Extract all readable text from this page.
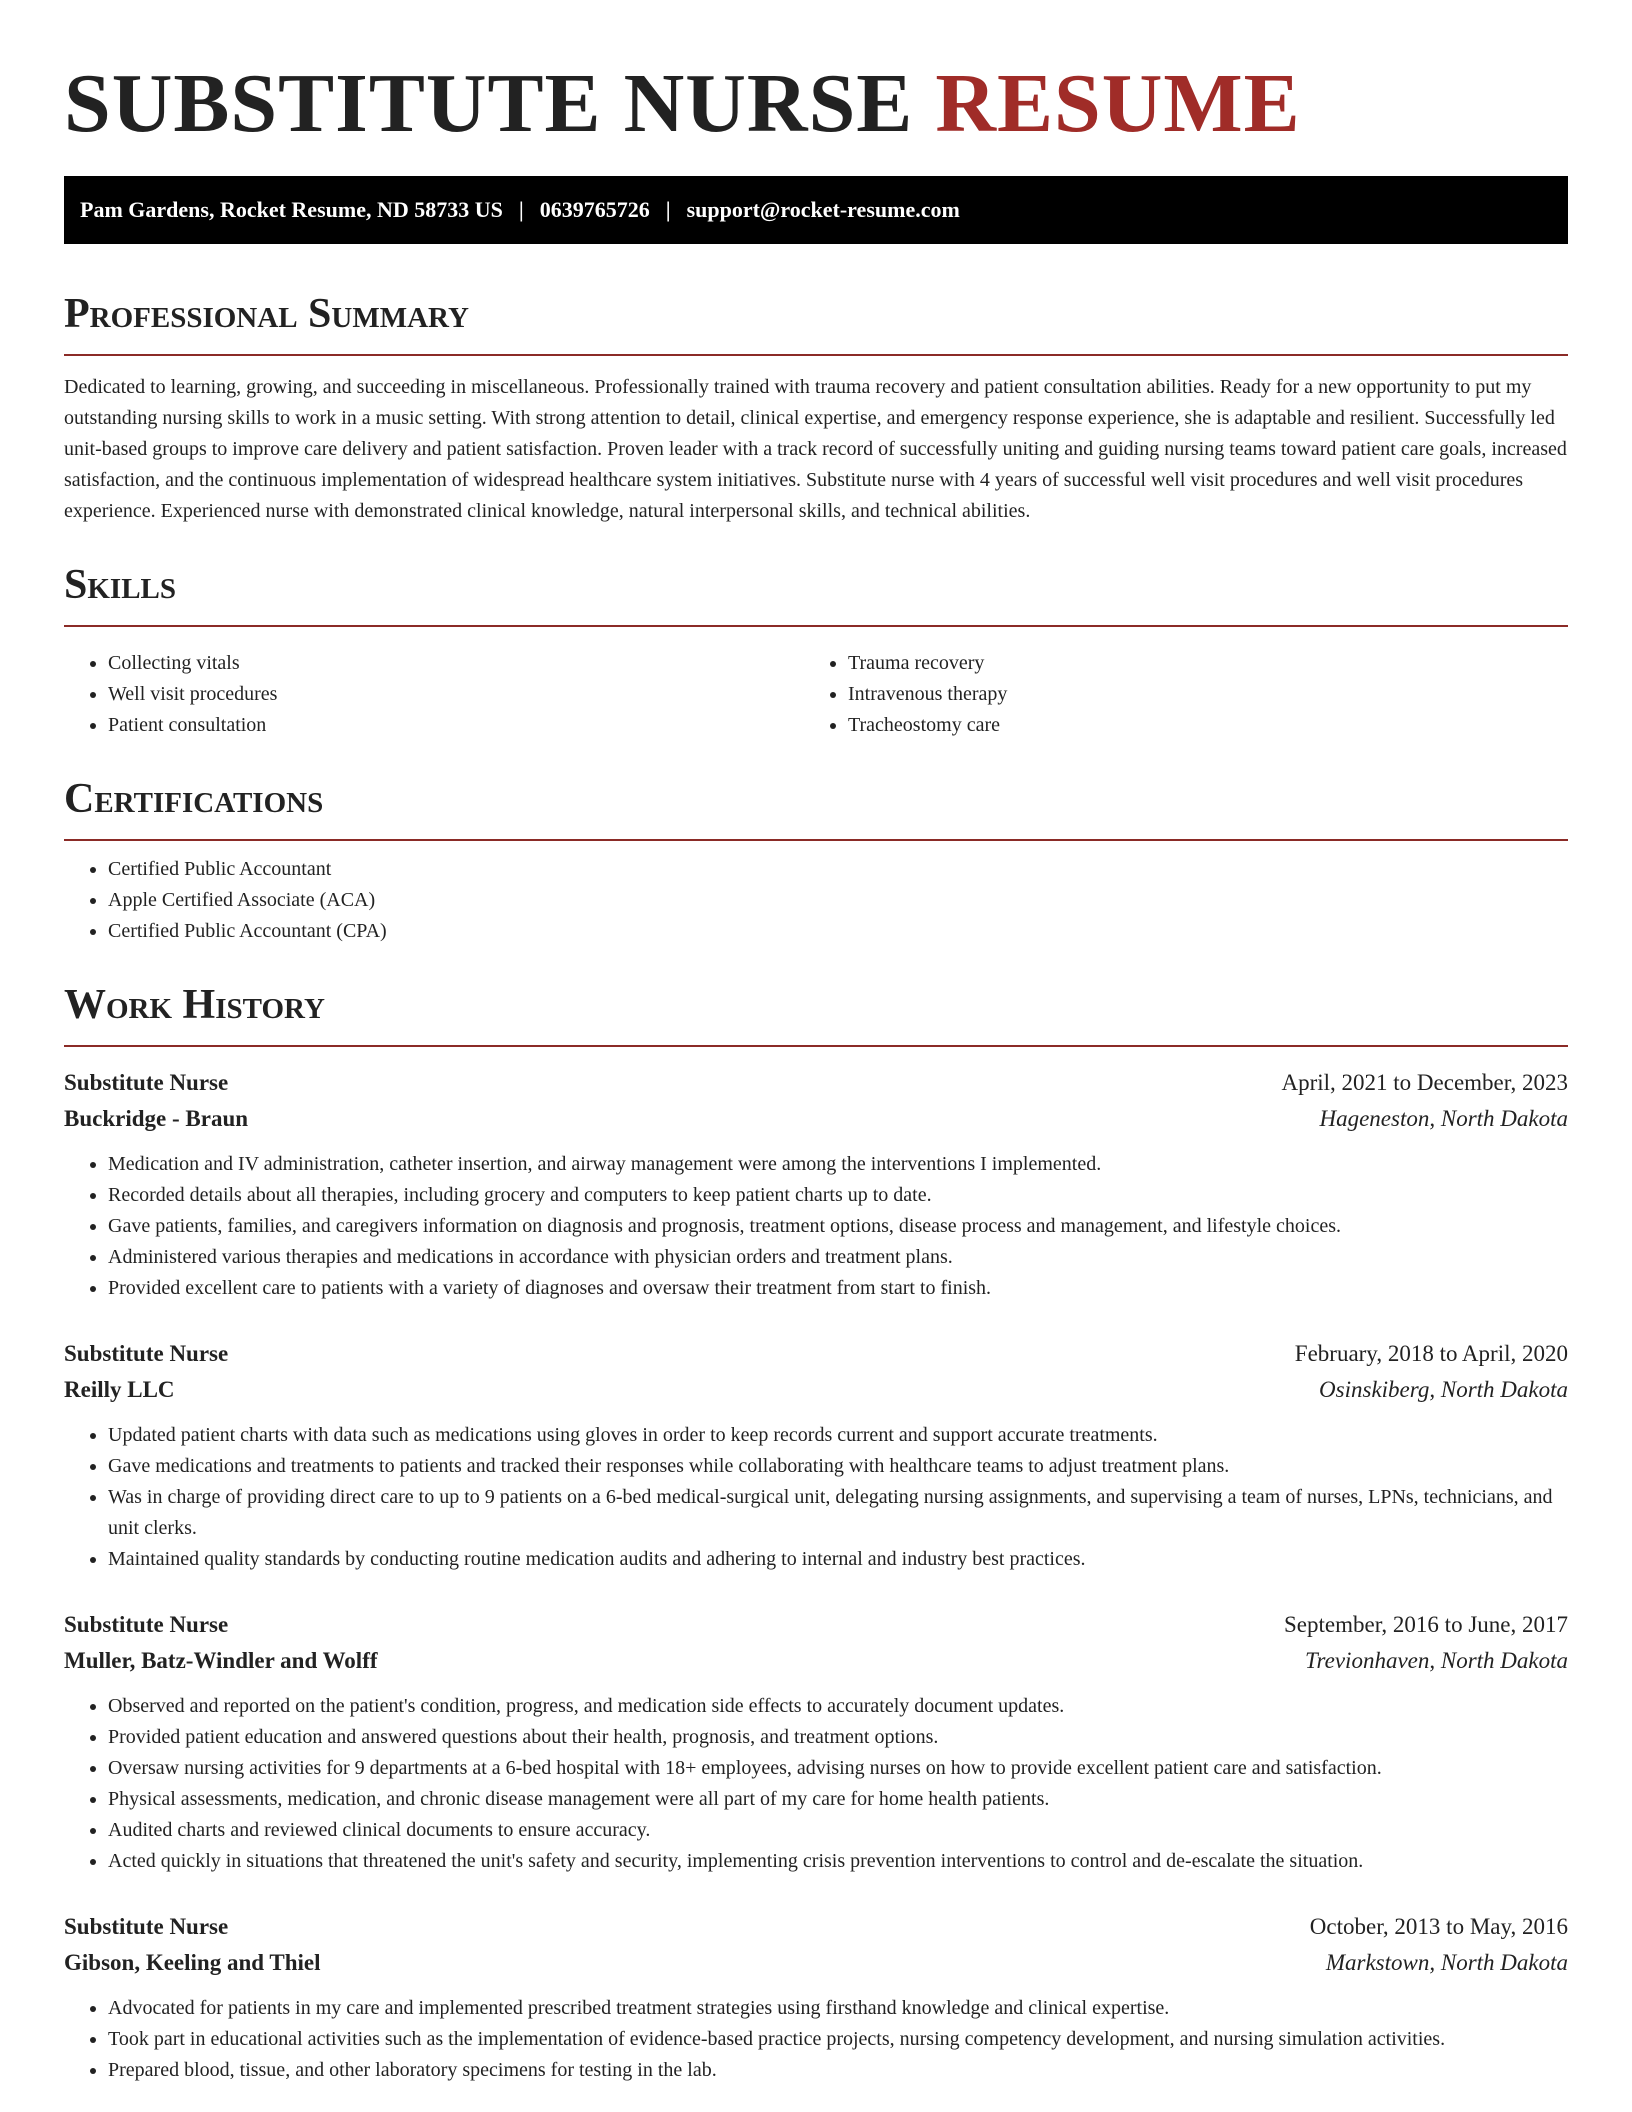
SUBSTITUTE NURSE RESUME
Pam Gardens, Rocket Resume, ND 58733 US | 0639765726 | support@rocket-resume.com
Professional Summary

Dedicated to learning, growing, and succeeding in miscellaneous. Professionally trained with trauma recovery and patient consultation abilities. Ready for a new opportunity to put my outstanding nursing skills to work in a music setting. With strong attention to detail, clinical expertise, and emergency response experience, she is adaptable and resilient. Successfully led unit-based groups to improve care delivery and patient satisfaction. Proven leader with a track record of successfully uniting and guiding nursing teams toward patient care goals, increased satisfaction, and the continuous implementation of widespread healthcare system initiatives. Substitute nurse with 4 years of successful well visit procedures and well visit procedures experience. Experienced nurse with demonstrated clinical knowledge, natural interpersonal skills, and technical abilities.

Skills
• Collecting vitals
• Well visit procedures
• Patient consultation
• Trauma recovery
• Intravenous therapy
• Tracheostomy care
Certifications
• Certified Public Accountant
• Apple Certified Associate (ACA)
• Certified Public Accountant (CPA)
Work History
Substitute Nurse	April, 2021 to December, 2023
Buckridge - Braun	Hageneston, North Dakota
• Medication and IV administration, catheter insertion, and airway management were among the interventions I implemented.
• Recorded details about all therapies, including grocery and computers to keep patient charts up to date.
• Gave patients, families, and caregivers information on diagnosis and prognosis, treatment options, disease process and management, and lifestyle choices.
• Administered various therapies and medications in accordance with physician orders and treatment plans.
• Provided excellent care to patients with a variety of diagnoses and oversaw their treatment from start to finish.
Substitute Nurse	February, 2018 to April, 2020
Reilly LLC	Osinskiberg, North Dakota
• Updated patient charts with data such as medications using gloves in order to keep records current and support accurate treatments.
• Gave medications and treatments to patients and tracked their responses while collaborating with healthcare teams to adjust treatment plans.
• Was in charge of providing direct care to up to 9 patients on a 6-bed medical-surgical unit, delegating nursing assignments, and supervising a team of nurses, LPNs, technicians, and unit clerks.
• Maintained quality standards by conducting routine medication audits and adhering to internal and industry best practices.
Substitute Nurse	September, 2016 to June, 2017
Muller, Batz-Windler and Wolff	Trevionhaven, North Dakota
• Observed and reported on the patient's condition, progress, and medication side effects to accurately document updates.
• Provided patient education and answered questions about their health, prognosis, and treatment options.
• Oversaw nursing activities for 9 departments at a 6-bed hospital with 18+ employees, advising nurses on how to provide excellent patient care and satisfaction.
• Physical assessments, medication, and chronic disease management were all part of my care for home health patients.
• Audited charts and reviewed clinical documents to ensure accuracy.
• Acted quickly in situations that threatened the unit's safety and security, implementing crisis prevention interventions to control and de-escalate the situation.
Substitute Nurse	October, 2013 to May, 2016
Gibson, Keeling and Thiel	Markstown, North Dakota
• Advocated for patients in my care and implemented prescribed treatment strategies using firsthand knowledge and clinical expertise.
• Took part in educational activities such as the implementation of evidence-based practice projects, nursing competency development, and nursing simulation activities.
• Prepared blood, tissue, and other laboratory specimens for testing in the lab.
